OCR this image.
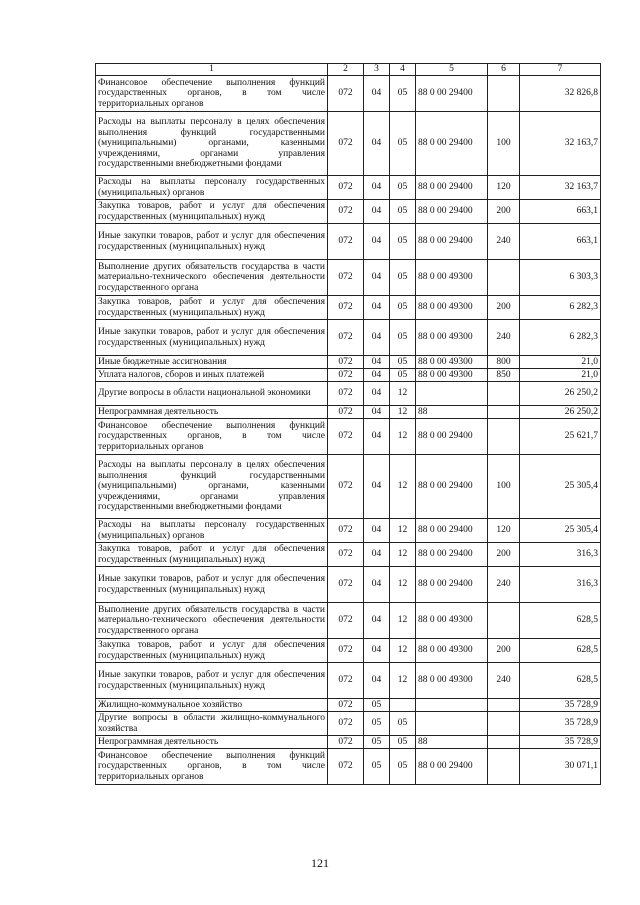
1	2	3	4	5	6	7
Финансовое обеспечение выполнения функций государственных органов, в том числе территориальных органов	072	04	05	88 0 00 29400		32 826,8
Расходы на выплаты персоналу в целях обеспечения выполнения функций государственными (муниципальными) органами, казенными учреждениями, органами управления государственными внебюджетными фондами	072	04	05	88 0 00 29400	100	32 163,7
Расходы на выплаты персоналу государственных (муниципальных) органов	072	04	05	88 0 00 29400	120	32 163,7
Закупка товаров, работ и услуг для обеспечения государственных (муниципальных) нужд	072	04	05	88 0 00 29400	200	663,1
Иные закупки товаров, работ и услуг для обеспечения государственных (муниципальных) нужд	072	04	05	88 0 00 29400	240	663,1
Выполнение других обязательств государства в части материально-технического обеспечения деятельности государственного органа	072	04	05	88 0 00 49300		6 303,3
Закупка товаров, работ и услуг для обеспечения государственных (муниципальных) нужд	072	04	05	88 0 00 49300	200	6 282,3
Иные закупки товаров, работ и услуг для обеспечения государственных (муниципальных) нужд	072	04	05	88 0 00 49300	240	6 282,3
Иные бюджетные ассигнования	072	04	05	88 0 00 49300	800	21,0
Уплата налогов, сборов и иных платежей	072	04	05	88 0 00 49300	850	21,0
Другие вопросы в области национальной экономики	072	04	12			26 250,2
Непрограммная деятельность	072	04	12	88		26 250,2
Финансовое обеспечение выполнения функций государственных органов, в том числе территориальных органов	072	04	12	88 0 00 29400		25 621,7
Расходы на выплаты персоналу в целях обеспечения выполнения функций государственными (муниципальными) органами, казенными учреждениями, органами управления государственными внебюджетными фондами	072	04	12	88 0 00 29400	100	25 305,4
Расходы на выплаты персоналу государственных (муниципальных) органов	072	04	12	88 0 00 29400	120	25 305,4
Закупка товаров, работ и услуг для обеспечения государственных (муниципальных) нужд	072	04	12	88 0 00 29400	200	316,3
Иные закупки товаров, работ и услуг для обеспечения государственных (муниципальных) нужд	072	04	12	88 0 00 29400	240	316,3
Выполнение других обязательств государства в части материально-технического обеспечения деятельности государственного органа	072	04	12	88 0 00 49300		628,5
Закупка товаров, работ и услуг для обеспечения государственных (муниципальных) нужд	072	04	12	88 0 00 49300	200	628,5
Иные закупки товаров, работ и услуг для обеспечения государственных (муниципальных) нужд	072	04	12	88 0 00 49300	240	628,5
Жилищно-коммунальное хозяйство	072	05				35 728,9
Другие вопросы в области жилищно-коммунального хозяйства	072	05	05			35 728,9
Непрограммная деятельность	072	05	05	88		35 728,9
Финансовое обеспечение выполнения функций государственных органов, в том числе территориальных органов	072	05	05	88 0 00 29400		30 071,1
121
